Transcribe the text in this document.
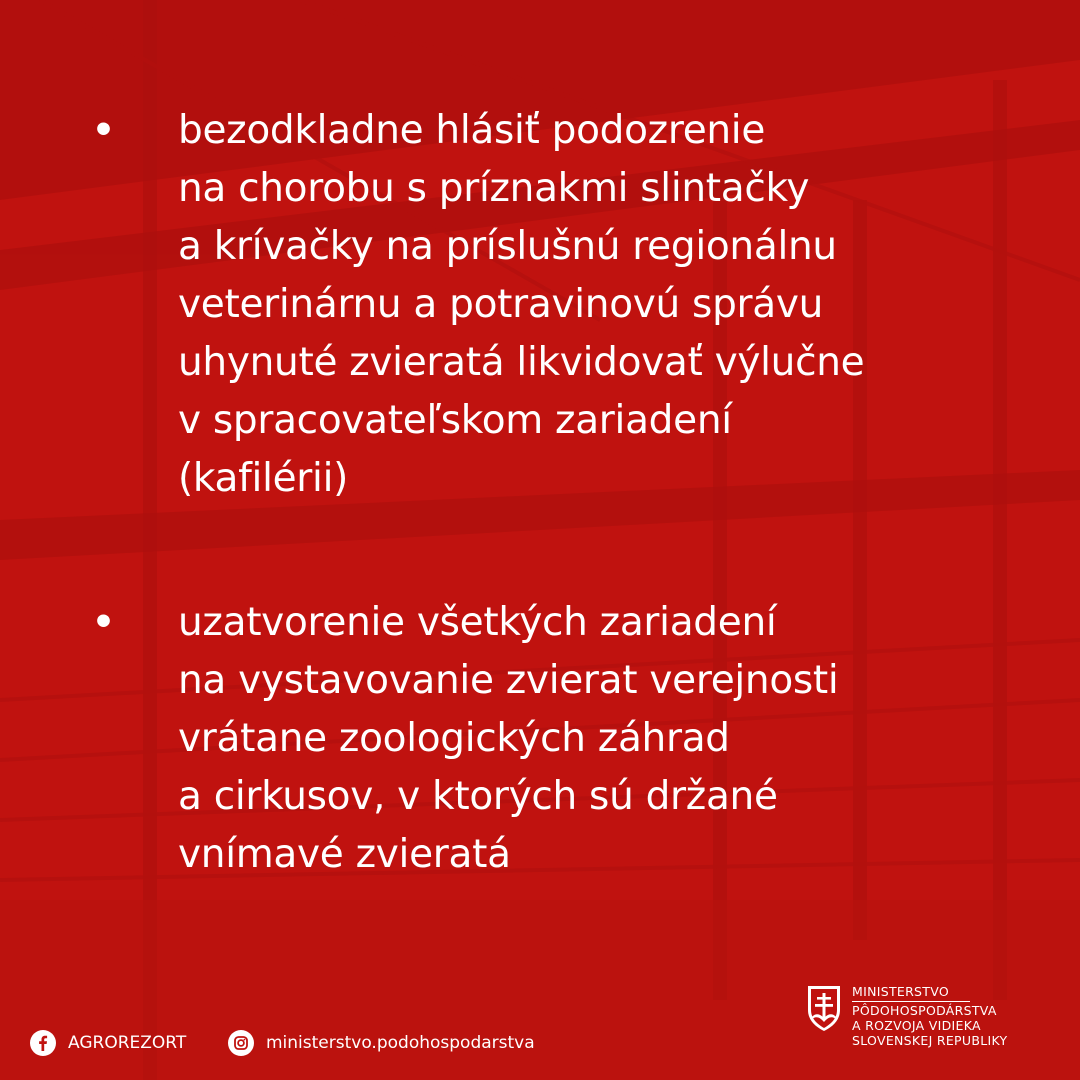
• bezodkladne hlásiť podozrenie
na chorobu s príznakmi slintačky
a krívačky na príslušnú regionálnu
veterinárnu a potravinovú správu
uhynuté zvieratá likvidovať výlučne
v spracovateľskom zariadení
(kafilérii)
• uzatvorenie všetkých zariadení
na vystavovanie zvierat verejnosti
vrátane zoologických záhrad
a cirkusov, v ktorých sú držané
vnímavé zvieratá
AGROREZORT	ministerstvo.podohospodarstva
MINISTERSTVO
PÔDOHOSPODÁRSTVA
A ROZVOJA VIDIEKA
SLOVENSKEJ REPUBLIKY
